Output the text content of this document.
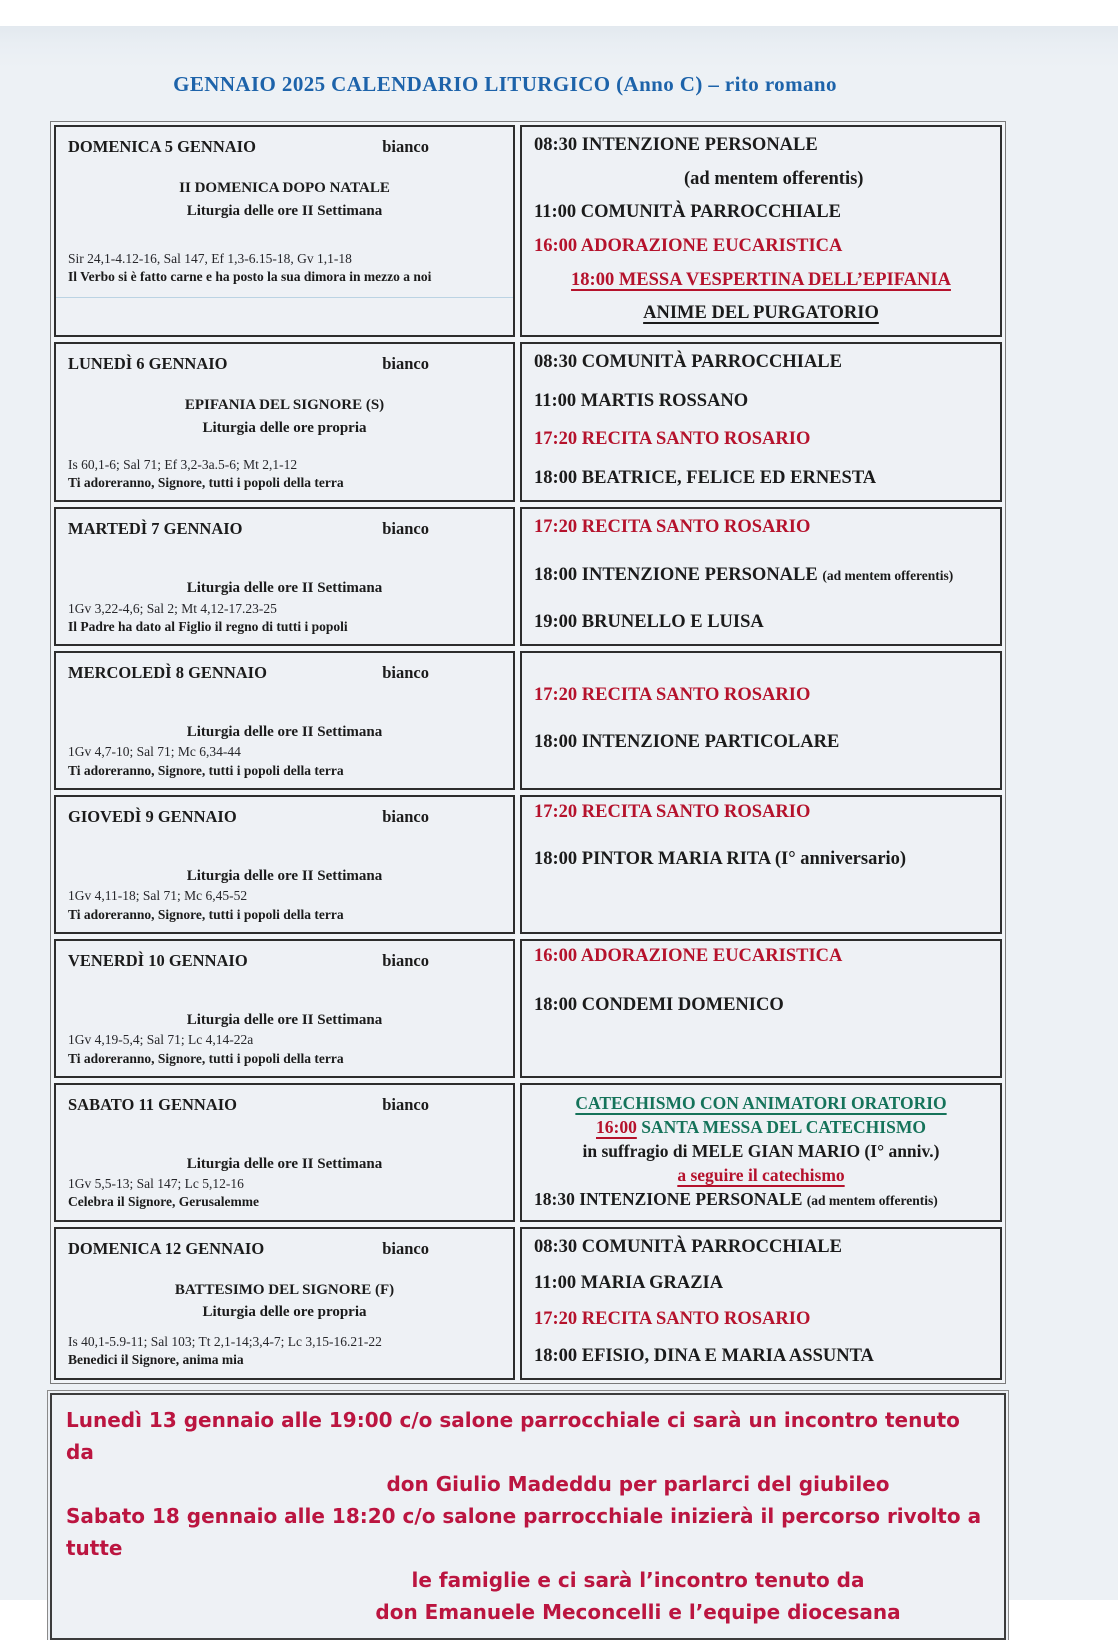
GENNAIO 2025 CALENDARIO LITURGICO (Anno C) – rito romano
DOMENICA 5 GENNAIO	bianco
II DOMENICA DOPO NATALE
Liturgia delle ore II Settimana
Sir 24,1-4.12-16, Sal 147, Ef 1,3-6.15-18, Gv 1,1-18
Il Verbo si è fatto carne e ha posto la sua dimora in mezzo a noi
08:30 INTENZIONE PERSONALE
(ad mentem offerentis)
11:00 COMUNITÀ PARROCCHIALE
16:00 ADORAZIONE EUCARISTICA
18:00 MESSA VESPERTINA DELL’EPIFANIA
ANIME DEL PURGATORIO
LUNEDÌ 6 GENNAIO	bianco
EPIFANIA DEL SIGNORE (S)
Liturgia delle ore propria
Is 60,1-6; Sal 71; Ef 3,2-3a.5-6; Mt 2,1-12
Ti adoreranno, Signore, tutti i popoli della terra
08:30 COMUNITÀ PARROCCHIALE
11:00 MARTIS ROSSANO
17:20 RECITA SANTO ROSARIO
18:00 BEATRICE, FELICE ED ERNESTA
MARTEDÌ 7 GENNAIO	bianco
Liturgia delle ore II Settimana
1Gv 3,22-4,6; Sal 2; Mt 4,12-17.23-25
Il Padre ha dato al Figlio il regno di tutti i popoli
17:20 RECITA SANTO ROSARIO
18:00 INTENZIONE PERSONALE (ad mentem offerentis)
19:00 BRUNELLO E LUISA
MERCOLEDÌ 8 GENNAIO	bianco
Liturgia delle ore II Settimana
1Gv 4,7-10; Sal 71; Mc 6,34-44
Ti adoreranno, Signore, tutti i popoli della terra
17:20 RECITA SANTO ROSARIO
18:00 INTENZIONE PARTICOLARE
GIOVEDÌ 9 GENNAIO	bianco
Liturgia delle ore II Settimana
1Gv 4,11-18; Sal 71; Mc 6,45-52
Ti adoreranno, Signore, tutti i popoli della terra
17:20 RECITA SANTO ROSARIO
18:00 PINTOR MARIA RITA (I° anniversario)
VENERDÌ 10 GENNAIO	bianco
Liturgia delle ore II Settimana
1Gv 4,19-5,4; Sal 71; Lc 4,14-22a
Ti adoreranno, Signore, tutti i popoli della terra
16:00 ADORAZIONE EUCARISTICA
18:00 CONDEMI DOMENICO
SABATO 11 GENNAIO	bianco
Liturgia delle ore II Settimana
1Gv 5,5-13; Sal 147; Lc 5,12-16
Celebra il Signore, Gerusalemme
CATECHISMO CON ANIMATORI ORATORIO
16:00 SANTA MESSA DEL CATECHISMO
in suffragio di MELE GIAN MARIO (I° anniv.)
a seguire il catechismo
18:30 INTENZIONE PERSONALE (ad mentem offerentis)
DOMENICA 12 GENNAIO	bianco
BATTESIMO DEL SIGNORE (F)
Liturgia delle ore propria
Is 40,1-5.9-11; Sal 103; Tt 2,1-14;3,4-7; Lc 3,15-16.21-22
Benedici il Signore, anima mia
08:30 COMUNITÀ PARROCCHIALE
11:00 MARIA GRAZIA
17:20 RECITA SANTO ROSARIO
18:00 EFISIO, DINA E MARIA ASSUNTA
Lunedì 13 gennaio alle 19:00 c/o salone parrocchiale ci sarà un incontro tenuto da
don Giulio Madeddu per parlarci del giubileo
Sabato 18 gennaio alle 18:20 c/o salone parrocchiale inizierà il percorso rivolto a tutte
le famiglie e ci sarà l’incontro tenuto da
don Emanuele Meconcelli e l’equipe diocesana
